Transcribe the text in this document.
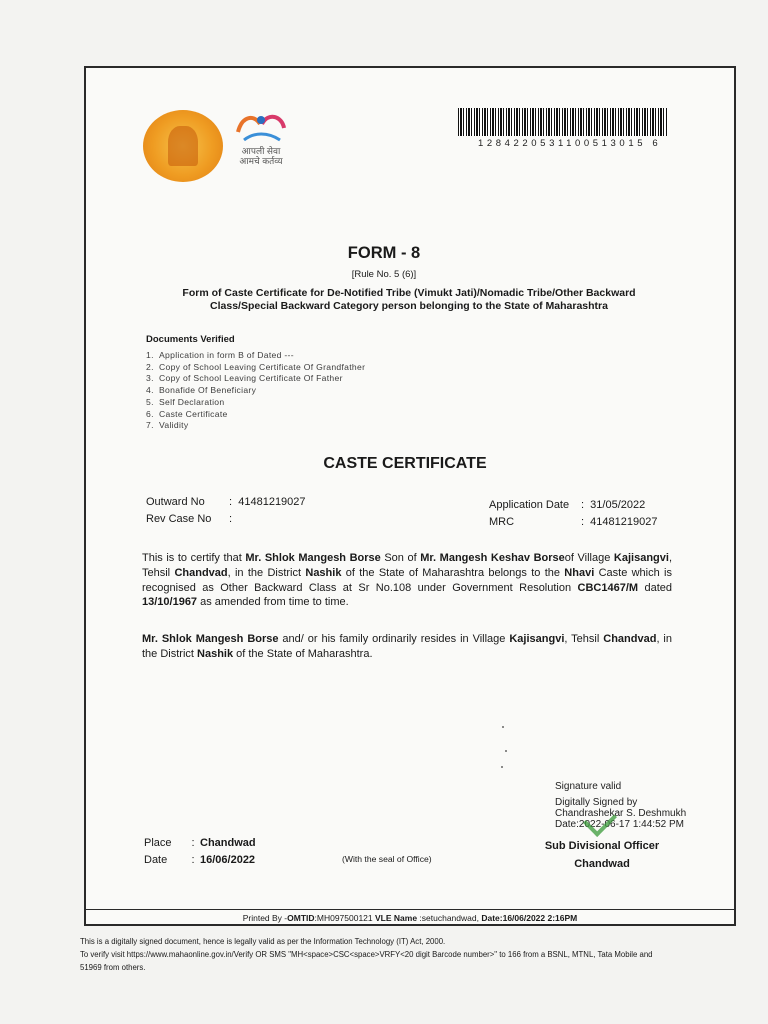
आपली सेवा
आमचे कर्तव्य
1284220531100513015 6
FORM - 8
[Rule No. 5 (6)]
Form of Caste Certificate for De-Notified Tribe (Vimukt Jati)/Nomadic Tribe/Other Backward
Class/Special Backward Category person belonging to the State of Maharashtra
Documents Verified
1. Application in form B of Dated ---
2. Copy of School Leaving Certificate Of Grandfather
3. Copy of School Leaving Certificate Of Father
4. Bonafide Of Beneficiary
5. Self Declaration
6. Caste Certificate
7. Validity
CASTE CERTIFICATE
Outward No :  41481219027
Rev Case No :
Application Date :  31/05/2022
MRC	:  41481219027
This is to certify that Mr. Shlok Mangesh Borse Son of Mr. Mangesh Keshav Borseof Village Kajisangvi, Tehsil Chandvad, in the District Nashik of the State of Maharashtra belongs to the Nhavi Caste which is recognised as Other Backward Class at Sr No.108 under Government Resolution CBC1467/M dated 13/10/1967 as amended from time to time.
Mr. Shlok Mangesh Borse and/ or his family ordinarily resides in Village Kajisangvi, Tehsil Chandvad, in the District Nashik of the State of Maharashtra.
Signature valid
Digitally Signed by
Chandrashekar S. Deshmukh
Date:2022-06-17 1:44:52 PM
Sub Divisional Officer
Chandwad
Place : Chandwad
Date : 16/06/2022	(With the seal of Office)
Printed By -OMTID:MH097500121 VLE Name :setuchandwad, Date:16/06/2022 2:16PM
This is a digitally signed document, hence is legally valid as per the Information Technology (IT) Act, 2000.
To verify visit https://www.mahaonline.gov.in/Verify OR SMS "MH<space>CSC<space>VRFY<20 digit Barcode number>" to 166 from a BSNL, MTNL, Tata Mobile and
51969 from others.
